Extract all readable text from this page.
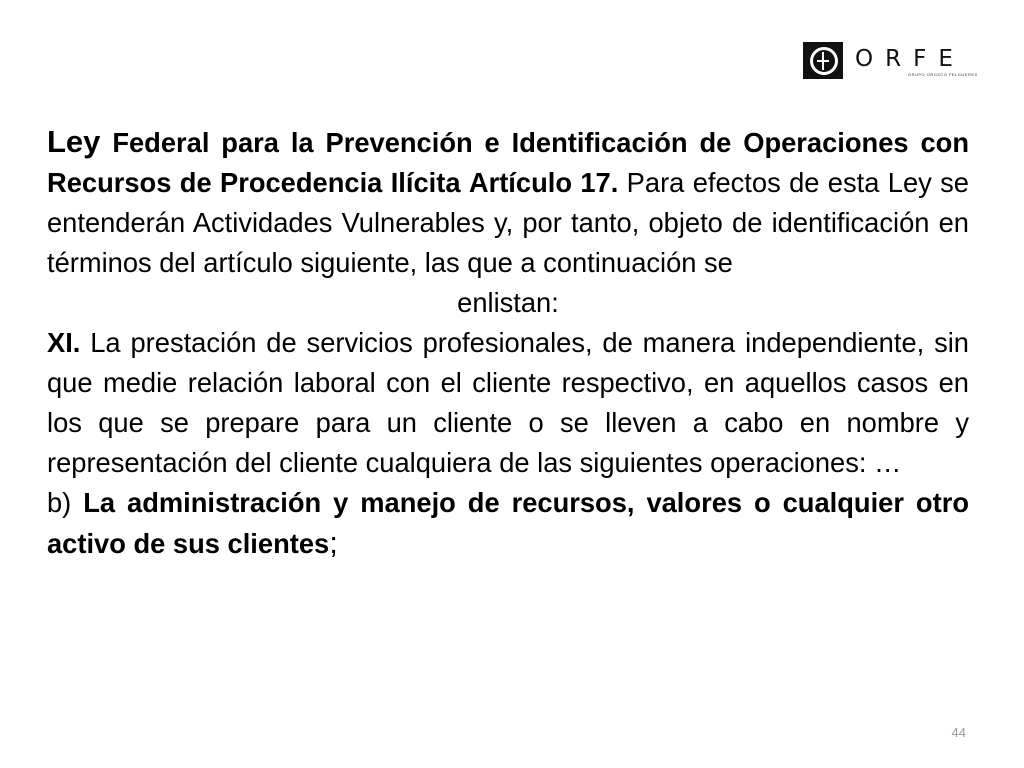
ORFE
GRUPO OROZCO FELGUERES

Ley Federal para la Prevención e Identificación de Operaciones con Recursos de Procedencia Ilícita Artículo 17. Para efectos de esta Ley se entenderán Actividades Vulnerables y, por tanto, objeto de identificación en términos del artículo siguiente, las que a continuación se

enlistan:

XI. La prestación de servicios profesionales, de manera independiente, sin que medie relación laboral con el cliente respectivo, en aquellos casos en los que se prepare para un cliente o se lleven a cabo en nombre y representación del cliente cualquiera de las siguientes operaciones: …

b) La administración y manejo de recursos, valores o cualquier otro activo de sus clientes;

44
